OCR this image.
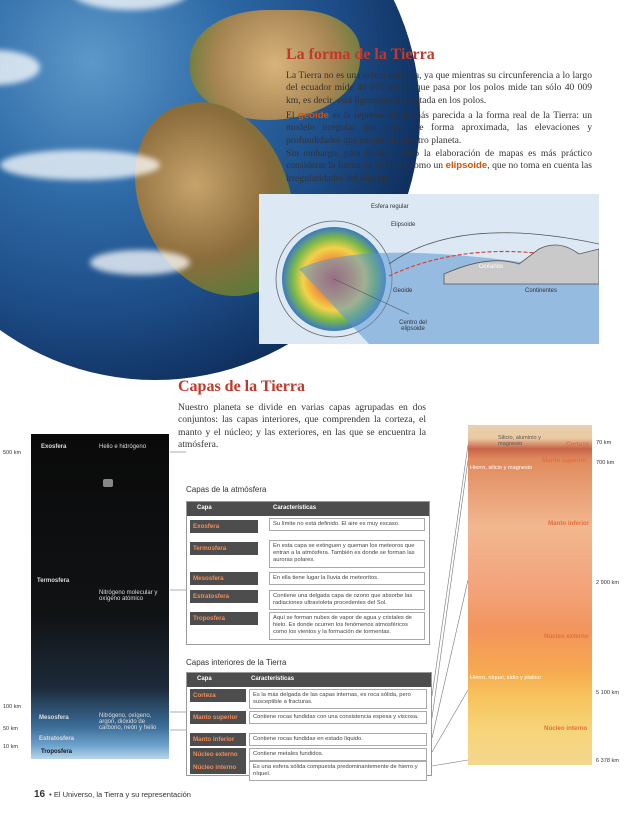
La forma de la Tierra
La Tierra no es una esfera perfecta, ya que mientras su circunferencia a lo largo del ecuador mide 40 075 km, la que pasa por los polos mide tan sólo 40 009 km, es decir, está ligeramente achatada en los polos.
El geoide es la representación más parecida a la forma real de la Tierra: un modelo irregular que sigue, de forma aproximada, las elevaciones y profundidades que existen en nuestro planeta.
Sin embargo, para llevar a cabo la elaboración de mapas es más práctico considerar la forma de la Tierra como un elipsoide, que no toma en cuenta las irregularidades del planeta.
Esfera regular
Elipsoide
Océanos
Geoide	Continentes
Centro del elipsoide
Capas de la Tierra
Nuestro planeta se divide en varias capas agrupadas en dos conjuntos: las capas interiores, que comprenden la corteza, el manto y el núcleo; y las exteriores, en las que se encuentra la atmósfera.
Exosfera	Helio e hidrógeno
Termosfera
Nitrógeno molecular y oxígeno atómico
Mesosfera	Nitrógeno, oxígeno, argon, dióxido de carbono, neón y helio
Estratosfera
Troposfera
500 km
100 km
50 km
10 km
Capas de la atmósfera
Capa	Características
Exosfera	Su límite no está definido. El aire es muy escaso.
Termosfera	En esta capa se extinguen y queman los meteoros que entran a la atmósfera. También es donde se forman las auroras polares.
Mesosfera	En ella tiene lugar la lluvia de meteoritos.
Estratosfera	Contiene una delgada capa de ozono que absorbe las radiaciones ultravioleta procedentes del Sol.
Troposfera	Aquí se forman nubes de vapor de agua y cristales de hielo. Es donde ocurren los fenómenos atmosféricos como los vientos y la formación de tormentas.
Capas interiores de la Tierra
Capa	Características
Corteza	Es la más delgada de las capas internas, es roca sólida, pero susceptible a fracturas.
Manto superior	Contiene rocas fundidas con una consistencia espesa y viscosa.
Manto inferior	Contiene rocas fundidas en estado líquido.
Núcleo externo	Contiene metales fundidos.
Núcleo interno	Es una esfera sólida compuesta predominantemente de hierro y níquel.
Silicio, aluminio y magnesio	Corteza
Hierro, silicio y magnesio
Manto superior
Manto inferior
Núcleo externo
Hierro, níquel, iridio y platino
Núcleo interno
70 km
700 km
2 900 km
5 100 km
6 378 km
16 • El Universo, la Tierra y su representación
